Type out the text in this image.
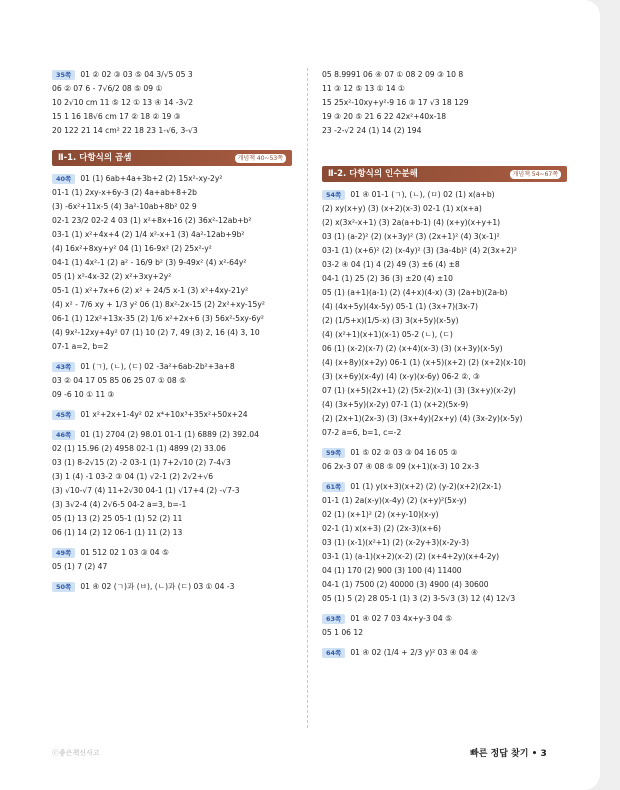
35쪽01 ② 02 ③ 03 ⑤ 04 3/√5 05 3
06 ② 07 6 - 7√6/2 08 ⑤ 09 ①
10 2√10 cm 11 ⑤ 12 ① 13 ④ 14 -3√2
15 1 16 18√6 cm 17 ② 18 ② 19 ③
20 122 21 14 cm² 22 18 23 1-√6, 3-√3
Ⅱ-1. 다항식의 곱셈	개념책 40~53쪽
40쪽01 (1) 6ab+4a+3b+2 (2) 15x²-xy-2y²
01-1 (1) 2xy-x+6y-3 (2) 4a+ab+8+2b
(3) -6x²+11x-5 (4) 3a²-10ab+8b² 02 9
02-1 23/2 02-2 4 03 (1) x²+8x+16 (2) 36x²-12ab+b²
03-1 (1) x²+4x+4 (2) 1/4 x²-x+1 (3) 4a²-12ab+9b²
(4) 16x²+8xy+y² 04 (1) 16-9x² (2) 25x²-y²
04-1 (1) 4x²-1 (2) a² - 16/9 b² (3) 9-49x² (4) x²-64y²
05 (1) x²-4x-32 (2) x²+3xy+2y²
05-1 (1) x²+7x+6 (2) x² + 24/5 x-1 (3) x²+4xy-21y²
(4) x² - 7/6 xy + 1/3 y² 06 (1) 8x²-2x-15 (2) 2x²+xy-15y²
06-1 (1) 12x²+13x-35 (2) 1/6 x²+2x+6 (3) 56x²-5xy-6y²
(4) 9x²-12xy+4y² 07 (1) 10 (2) 7, 49 (3) 2, 16 (4) 3, 10
07-1 a=2, b=2
43쪽01 (ㄱ), (ㄴ), (ㄷ) 02 -3a²+6ab-2b²+3a+8
03 ② 04 17 05 85 06 25 07 ① 08 ⑤
09 -6 10 ① 11 ③
45쪽01 x²+2x+1-4y² 02 x⁴+10x³+35x²+50x+24
46쪽01 (1) 2704 (2) 98.01 01-1 (1) 6889 (2) 392.04
02 (1) 15.96 (2) 4958 02-1 (1) 4899 (2) 33.06
03 (1) 8-2√15 (2) -2 03-1 (1) 7+2√10 (2) 7-4√3
(3) 1 (4) -1 03-2 ③ 04 (1) √2-1 (2) 2√2+√6
(3) √10-√7 (4) 11+2√30 04-1 (1) √17+4 (2) -√7-3
(3) 3√2-4 (4) 2√6-5 04-2 a=3, b=-1
05 (1) 13 (2) 25 05-1 (1) 52 (2) 11
06 (1) 14 (2) 12 06-1 (1) 11 (2) 13
49쪽01 512 02 1 03 ③ 04 ⑤
05 (1) 7 (2) 47
50쪽01 ④ 02 (ㄱ)과 (ㅂ), (ㄴ)과 (ㄷ) 03 ① 04 -3
05 8.9991 06 ④ 07 ① 08 2 09 ③ 10 8
11 ③ 12 ⑤ 13 ① 14 ①
15 25x²-10xy+y²-9 16 ③ 17 √3 18 129
19 ③ 20 ⑤ 21 6 22 42x²+40x-18
23 -2-√2 24 (1) 14 (2) 194
Ⅱ-2. 다항식의 인수분해	개념책 54~67쪽
54쪽01 ④ 01-1 (ㄱ), (ㄴ), (ㅁ) 02 (1) x(a+b)
(2) xy(x+y) (3) (x+2)(x-3) 02-1 (1) x(x+a)
(2) x(3x²-x+1) (3) 2a(a+b-1) (4) (x+y)(x+y+1)
03 (1) (a-2)² (2) (x+3y)² (3) (2x+1)² (4) 3(x-1)²
03-1 (1) (x+6)² (2) (x-4y)² (3) (3a-4b)² (4) 2(3x+2)²
03-2 ④ 04 (1) 4 (2) 49 (3) ±6 (4) ±8
04-1 (1) 25 (2) 36 (3) ±20 (4) ±10
05 (1) (a+1)(a-1) (2) (4+x)(4-x) (3) (2a+b)(2a-b)
(4) (4x+5y)(4x-5y) 05-1 (1) (3x+7)(3x-7)
(2) (1/5+x)(1/5-x) (3) 3(x+5y)(x-5y)
(4) (x²+1)(x+1)(x-1) 05-2 (ㄴ), (ㄷ)
06 (1) (x-2)(x-7) (2) (x+4)(x-3) (3) (x+3y)(x-5y)
(4) (x+8y)(x+2y) 06-1 (1) (x+5)(x+2) (2) (x+2)(x-10)
(3) (x+6y)(x-4y) (4) (x-y)(x-6y) 06-2 ②, ③
07 (1) (x+5)(2x+1) (2) (5x-2)(x-1) (3) (3x+y)(x-2y)
(4) (3x+5y)(x-2y) 07-1 (1) (x+2)(5x-9)
(2) (2x+1)(2x-3) (3) (3x+4y)(2x+y) (4) (3x-2y)(x-5y)
07-2 a=6, b=1, c=-2
59쪽01 ⑤ 02 ② 03 ③ 04 16 05 ③
06 2x-3 07 ④ 08 ⑤ 09 (x+1)(x-3) 10 2x-3
61쪽01 (1) y(x+3)(x+2) (2) (y-2)(x+2)(2x-1)
01-1 (1) 2a(x-y)(x-4y) (2) (x+y)²(5x-y)
02 (1) (x+1)² (2) (x+y-10)(x-y)
02-1 (1) x(x+3) (2) (2x-3)(x+6)
03 (1) (x-1)(x²+1) (2) (x-2y+3)(x-2y-3)
03-1 (1) (a-1)(x+2)(x-2) (2) (x+4+2y)(x+4-2y)
04 (1) 170 (2) 900 (3) 100 (4) 11400
04-1 (1) 7500 (2) 40000 (3) 4900 (4) 30600
05 (1) 5 (2) 28 05-1 (1) 3 (2) 3-5√3 (3) 12 (4) 12√3
63쪽01 ④ 02 7 03 4x+y-3 04 ⑤
05 1 06 12
64쪽01 ④ 02 (1/4 + 2/3 y)² 03 ④ 04 ④
ⓒ좋은책신사고	빠른 정답 찾기 • 3
